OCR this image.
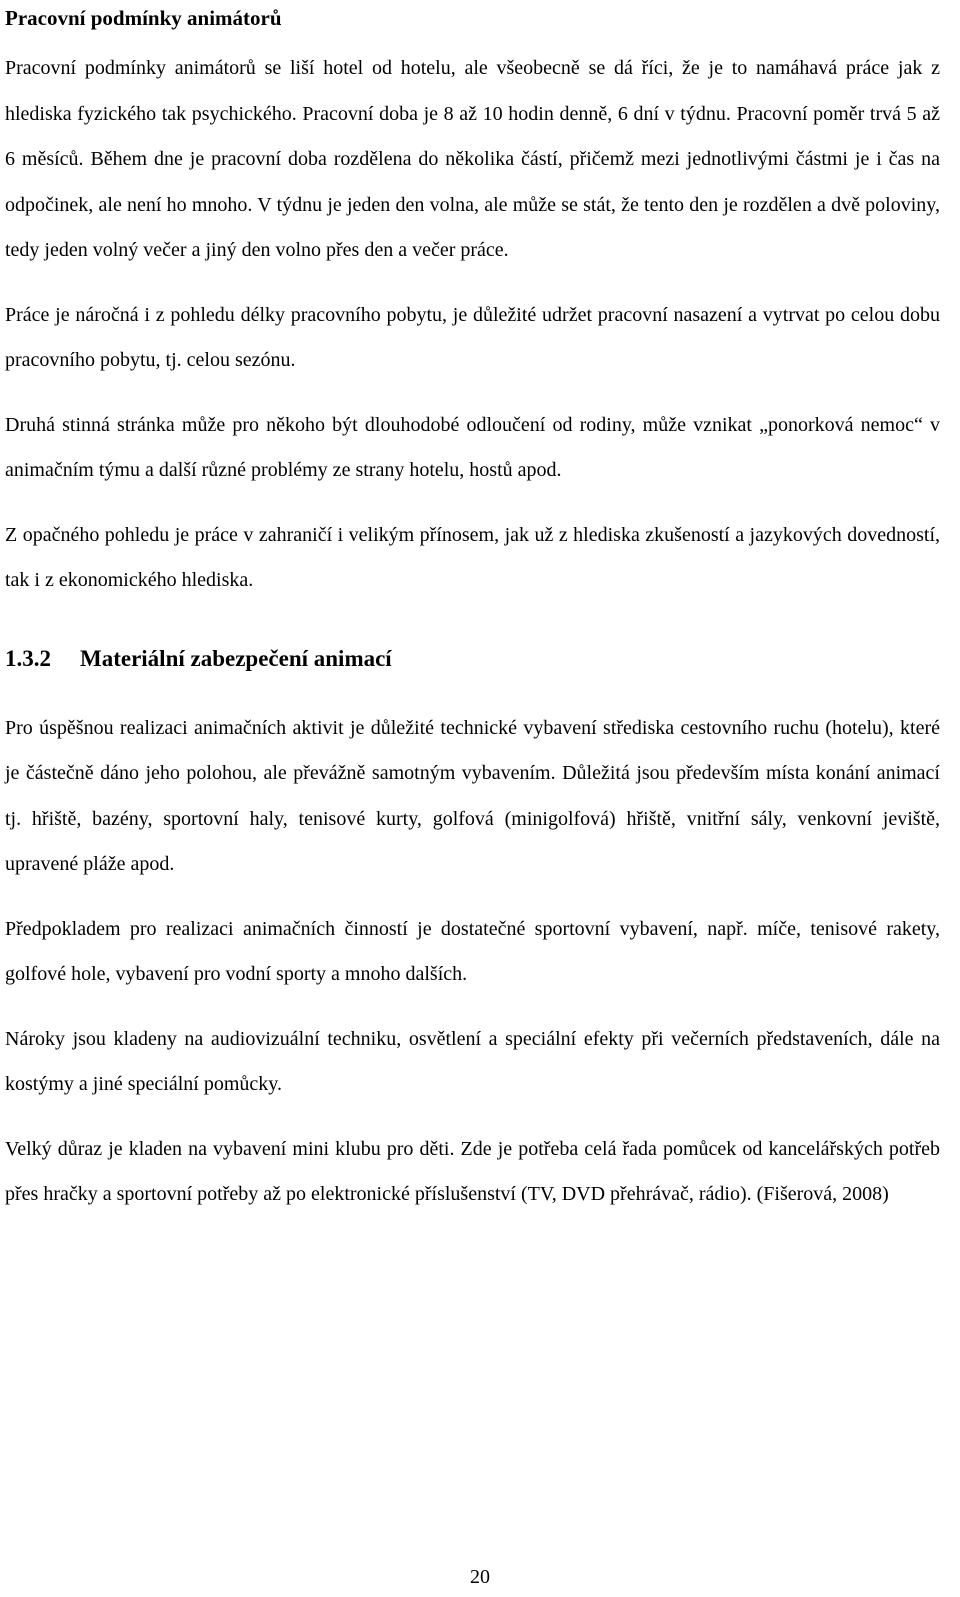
Pracovní podmínky animátorů

Pracovní podmínky animátorů se liší hotel od hotelu, ale všeobecně se dá říci, že je to namáhavá práce jak z hlediska fyzického tak psychického. Pracovní doba je 8 až 10 hodin denně, 6 dní v týdnu. Pracovní poměr trvá 5 až 6 měsíců. Během dne je pracovní doba rozdělena do několika částí, přičemž mezi jednotlivými částmi je i čas na odpočinek, ale není ho mnoho. V týdnu je jeden den volna, ale může se stát, že tento den je rozdělen a dvě poloviny, tedy jeden volný večer a jiný den volno přes den a večer práce.

Práce je náročná i z pohledu délky pracovního pobytu, je důležité udržet pracovní nasazení a vytrvat po celou dobu pracovního pobytu, tj. celou sezónu.

Druhá stinná stránka může pro někoho být dlouhodobé odloučení od rodiny, může vznikat „ponorková nemoc“ v animačním týmu a další různé problémy ze strany hotelu, hostů apod.

Z opačného pohledu je práce v zahraničí i velikým přínosem, jak už z hlediska zkušeností a jazykových dovedností, tak i z ekonomického hlediska.

1.3.2	Materiální zabezpečení animací

Pro úspěšnou realizaci animačních aktivit je důležité technické vybavení střediska cestovního ruchu (hotelu), které je částečně dáno jeho polohou, ale převážně samotným vybavením. Důležitá jsou především místa konání animací tj. hřiště, bazény, sportovní haly, tenisové kurty, golfová (minigolfová) hřiště, vnitřní sály, venkovní jeviště, upravené pláže apod.

Předpokladem pro realizaci animačních činností je dostatečné sportovní vybavení, např. míče, tenisové rakety, golfové hole, vybavení pro vodní sporty a mnoho dalších.

Nároky jsou kladeny na audiovizuální techniku, osvětlení a speciální efekty při večerních představeních, dále na kostýmy a jiné speciální pomůcky.

Velký důraz je kladen na vybavení mini klubu pro děti. Zde je potřeba celá řada pomůcek od kancelářských potřeb přes hračky a sportovní potřeby až po elektronické příslušenství (TV, DVD přehrávač, rádio). (Fišerová, 2008)

20
